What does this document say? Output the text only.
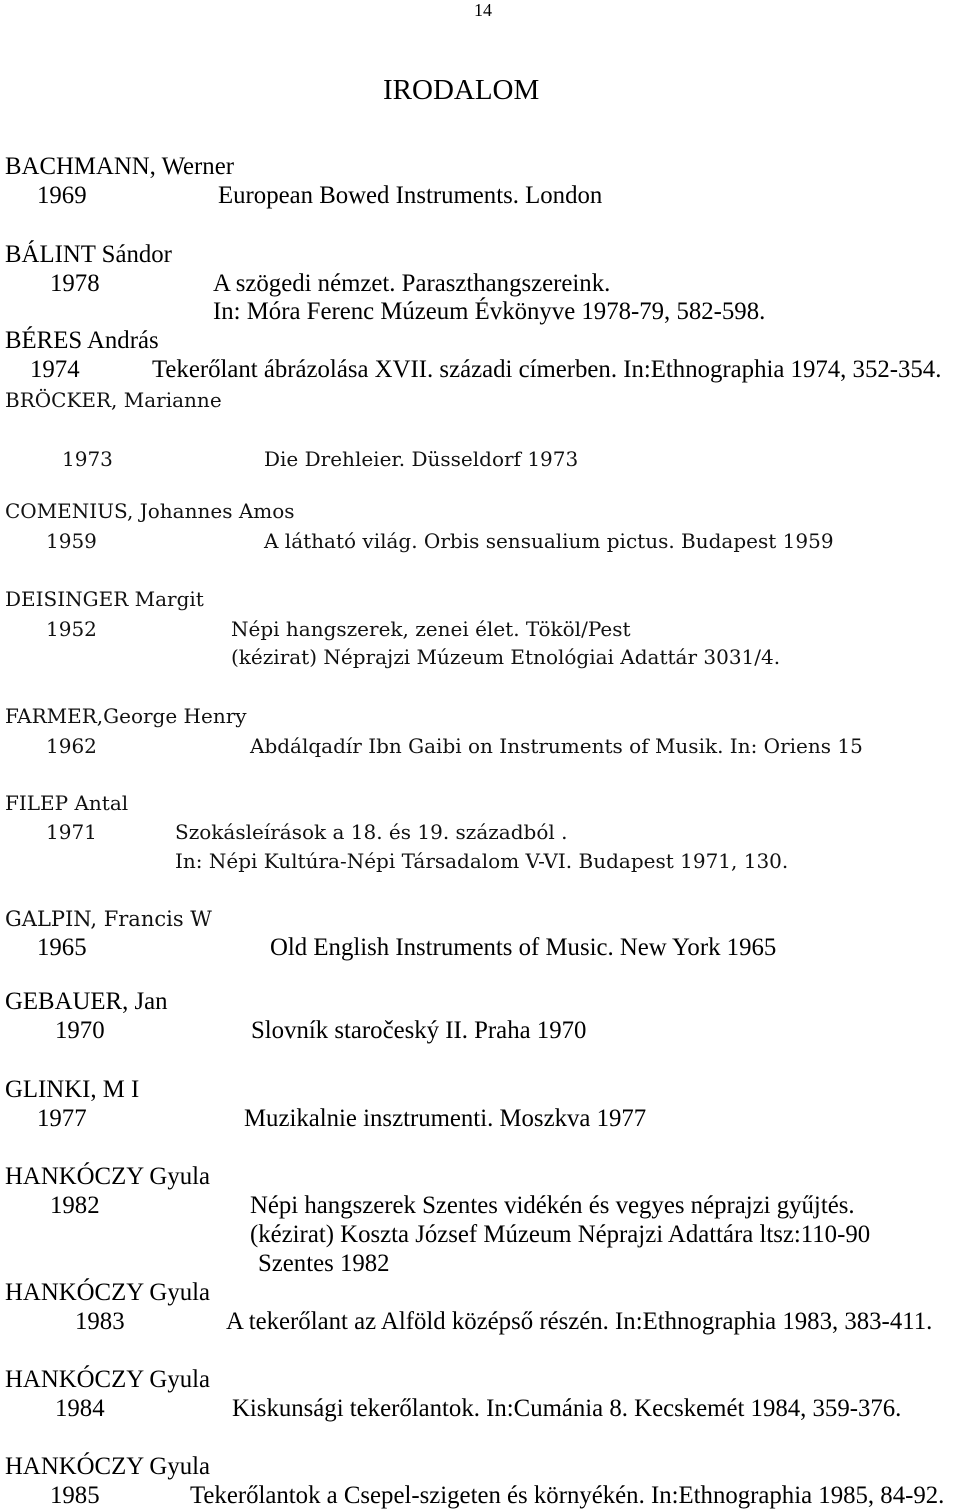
14
IRODALOM
BACHMANN, Werner
1969	European Bowed Instruments. London
BÁLINT Sándor
1978	A szögedi némzet. Paraszthangszereink.
In: Móra Ferenc Múzeum Évkönyve 1978-79, 582-598.
BÉRES András
1974	Tekerőlant ábrázolása XVII. századi címerben. In:Ethnographia 1974, 352-354.
BRÖCKER, Marianne
1973	Die Drehleier. Düsseldorf 1973
COMENIUS, Johannes Amos
1959	A látható világ. Orbis sensualium pictus. Budapest 1959
DEISINGER Margit
1952	Népi hangszerek, zenei élet. Tököl/Pest
(kézirat) Néprajzi Múzeum Etnológiai Adattár 3031/4.
FARMER,George Henry
1962	Abdálqadír Ibn Gaibi on Instruments of Musik. In: Oriens 15
FILEP Antal
1971	Szokásleírások a 18. és 19. századból .
In: Népi Kultúra-Népi Társadalom V-VI. Budapest 1971, 130.
GALPIN, Francis W
1965	Old English Instruments of Music. New York 1965
GEBAUER, Jan
1970	Slovník staročeský II. Praha 1970
GLINKI, M I
1977	Muzikalnie insztrumenti. Moszkva 1977
HANKÓCZY Gyula
1982	Népi hangszerek Szentes vidékén és vegyes néprajzi gyűjtés.
(kézirat) Koszta József Múzeum Néprajzi Adattára ltsz:110-90
Szentes 1982
HANKÓCZY Gyula
1983	A tekerőlant az Alföld középső részén. In:Ethnographia 1983, 383-411.
HANKÓCZY Gyula
1984	Kiskunsági tekerőlantok. In:Cumánia 8. Kecskemét 1984, 359-376.
HANKÓCZY Gyula
1985	Tekerőlantok a Csepel-szigeten és környékén. In:Ethnographia 1985, 84-92.
